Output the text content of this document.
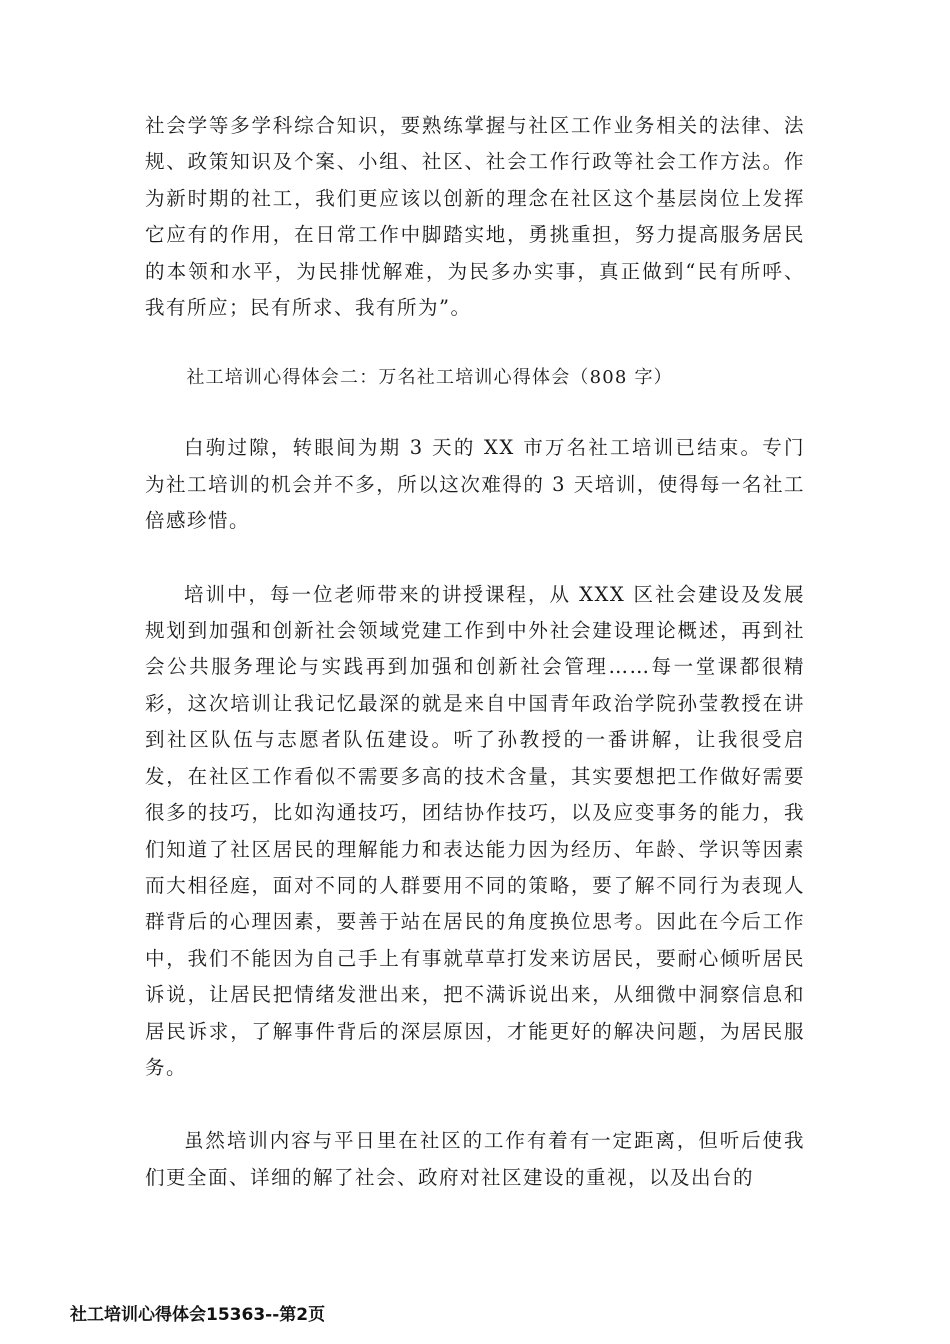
社会学等多学科综合知识，要熟练掌握与社区工作业务相关的法律、法规、政策知识及个案、小组、社区、社会工作行政等社会工作方法。作为新时期的社工，我们更应该以创新的理念在社区这个基层岗位上发挥它应有的作用，在日常工作中脚踏实地，勇挑重担，努力提高服务居民的本领和水平，为民排忧解难，为民多办实事，真正做到“民有所呼、我有所应；民有所求、我有所为”。

社工培训心得体会二：万名社工培训心得体会（808 字）

白驹过隙，转眼间为期 3 天的 XX 市万名社工培训已结束。专门为社工培训的机会并不多，所以这次难得的 3 天培训，使得每一名社工倍感珍惜。

培训中，每一位老师带来的讲授课程，从 XXX 区社会建设及发展规划到加强和创新社会领域党建工作到中外社会建设理论概述，再到社会公共服务理论与实践再到加强和创新社会管理……每一堂课都很精彩，这次培训让我记忆最深的就是来自中国青年政治学院孙莹教授在讲到社区队伍与志愿者队伍建设。听了孙教授的一番讲解，让我很受启发，在社区工作看似不需要多高的技术含量，其实要想把工作做好需要很多的技巧，比如沟通技巧，团结协作技巧，以及应变事务的能力，我们知道了社区居民的理解能力和表达能力因为经历、年龄、学识等因素而大相径庭，面对不同的人群要用不同的策略，要了解不同行为表现人群背后的心理因素，要善于站在居民的角度换位思考。因此在今后工作中，我们不能因为自己手上有事就草草打发来访居民，要耐心倾听居民诉说，让居民把情绪发泄出来，把不满诉说出来，从细微中洞察信息和居民诉求，了解事件背后的深层原因，才能更好的解决问题，为居民服务。

虽然培训内容与平日里在社区的工作有着有一定距离，但听后使我们更全面、详细的解了社会、政府对社区建设的重视，以及出台的

社工培训心得体会15363--第2页
